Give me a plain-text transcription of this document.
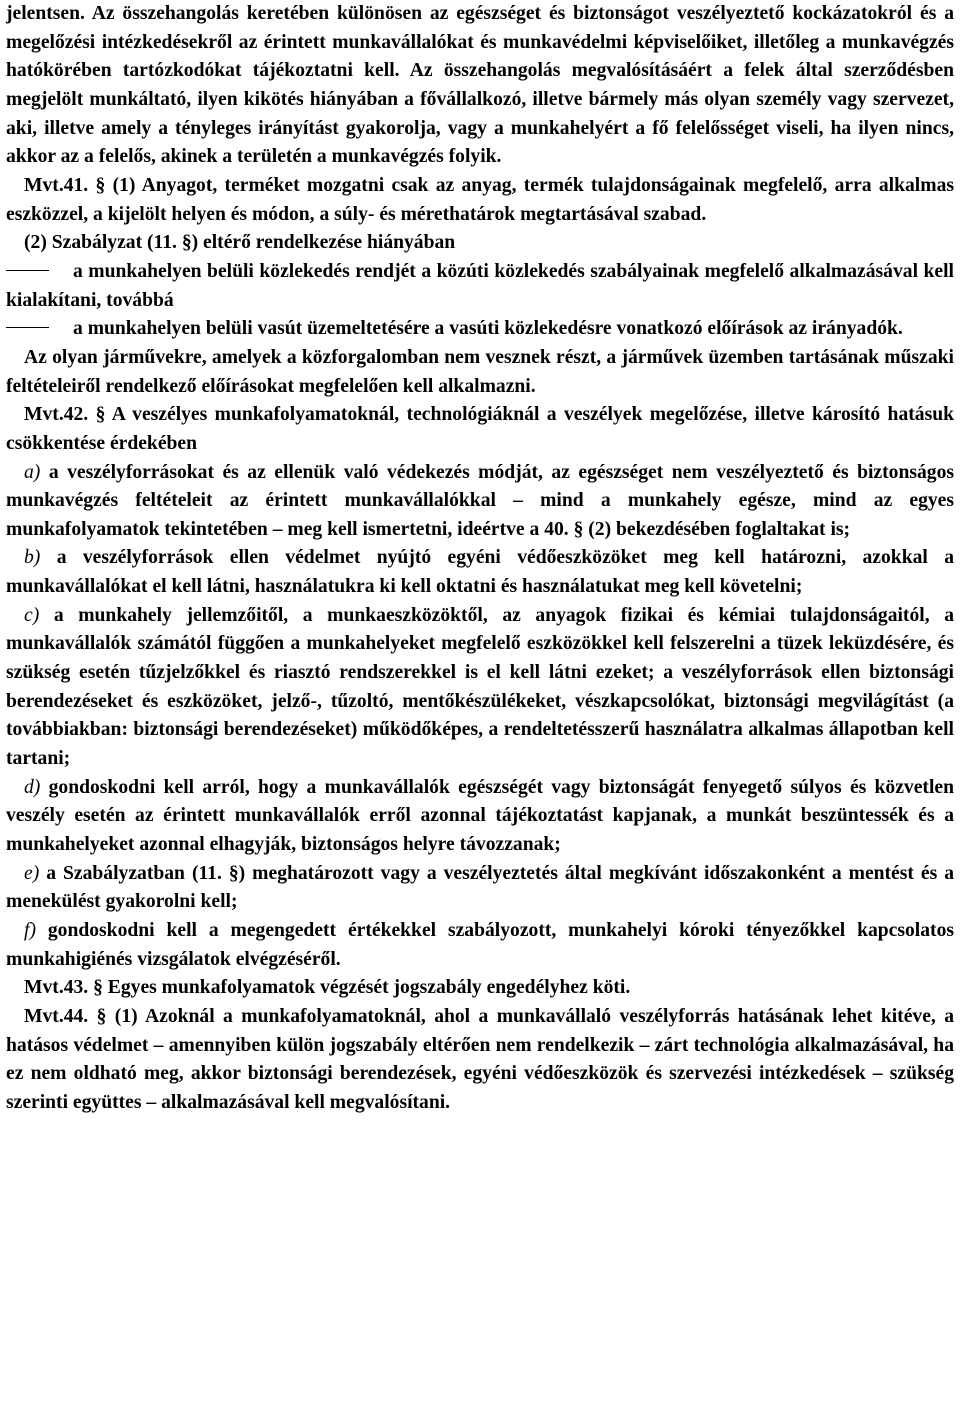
jelentsen. Az összehangolás keretében különösen az egészséget és biztonságot veszélyeztető kockázatokról és a megelőzési intézkedésekről az érintett munkavállalókat és munkavédelmi képviselőiket, illetőleg a munkavégzés hatókörében tartózkodókat tájékoztatni kell. Az összehangolás megvalósításáért a felek által szerződésben megjelölt munkáltató, ilyen kikötés hiányában a fővállalkozó, illetve bármely más olyan személy vagy szervezet, aki, illetve amely a tényleges irányítást gyakorolja, vagy a munkahelyért a fő felelősséget viseli, ha ilyen nincs, akkor az a felelős, akinek a területén a munkavégzés folyik.

Mvt.41. § (1) Anyagot, terméket mozgatni csak az anyag, termék tulajdonságainak megfelelő, arra alkalmas eszközzel, a kijelölt helyen és módon, a súly- és mérethatárok megtartásával szabad.

(2) Szabályzat (11. §) eltérő rendelkezése hiányában

a munkahelyen belüli közlekedés rendjét a közúti közlekedés szabályainak megfelelő alkalmazásával kell kialakítani, továbbá

a munkahelyen belüli vasút üzemeltetésére a vasúti közlekedésre vonatkozó előírások az irányadók.

Az olyan járművekre, amelyek a közforgalomban nem vesznek részt, a járművek üzemben tartásának műszaki feltételeiről rendelkező előírásokat megfelelően kell alkalmazni.

Mvt.42. § A veszélyes munkafolyamatoknál, technológiáknál a veszélyek megelőzése, illetve károsító hatásuk csökkentése érdekében

a) a veszélyforrásokat és az ellenük való védekezés módját, az egészséget nem veszélyeztető és biztonságos munkavégzés feltételeit az érintett munkavállalókkal – mind a munkahely egésze, mind az egyes munkafolyamatok tekintetében – meg kell ismertetni, ideértve a 40. § (2) bekezdésében foglaltakat is;

b) a veszélyforrások ellen védelmet nyújtó egyéni védőeszközöket meg kell határozni, azokkal a munkavállalókat el kell látni, használatukra ki kell oktatni és használatukat meg kell követelni;

c) a munkahely jellemzőitől, a munkaeszközöktől, az anyagok fizikai és kémiai tulajdonságaitól, a munkavállalók számától függően a munkahelyeket megfelelő eszközökkel kell felszerelni a tüzek leküzdésére, és szükség esetén tűzjelzőkkel és riasztó rendszerekkel is el kell látni ezeket; a veszélyforrások ellen biztonsági berendezéseket és eszközöket, jelző-, tűzoltó, mentőkészülékeket, vészkapcsolókat, biztonsági megvilágítást (a továbbiakban: biztonsági berendezéseket) működőképes, a rendeltetésszerű használatra alkalmas állapotban kell tartani;

d) gondoskodni kell arról, hogy a munkavállalók egészségét vagy biztonságát fenyegető súlyos és közvetlen veszély esetén az érintett munkavállalók erről azonnal tájékoztatást kapjanak, a munkát beszüntessék és a munkahelyeket azonnal elhagyják, biztonságos helyre távozzanak;

e) a Szabályzatban (11. §) meghatározott vagy a veszélyeztetés által megkívánt időszakonként a mentést és a menekülést gyakorolni kell;

f) gondoskodni kell a megengedett értékekkel szabályozott, munkahelyi kóroki tényezőkkel kapcsolatos munkahigiénés vizsgálatok elvégzéséről.

Mvt.43. § Egyes munkafolyamatok végzését jogszabály engedélyhez köti.

Mvt.44. § (1) Azoknál a munkafolyamatoknál, ahol a munkavállaló veszélyforrás hatásának lehet kitéve, a hatásos védelmet – amennyiben külön jogszabály eltérően nem rendelkezik – zárt technológia alkalmazásával, ha ez nem oldható meg, akkor biztonsági berendezések, egyéni védőeszközök és szervezési intézkedések – szükség szerinti együttes – alkalmazásával kell megvalósítani.
